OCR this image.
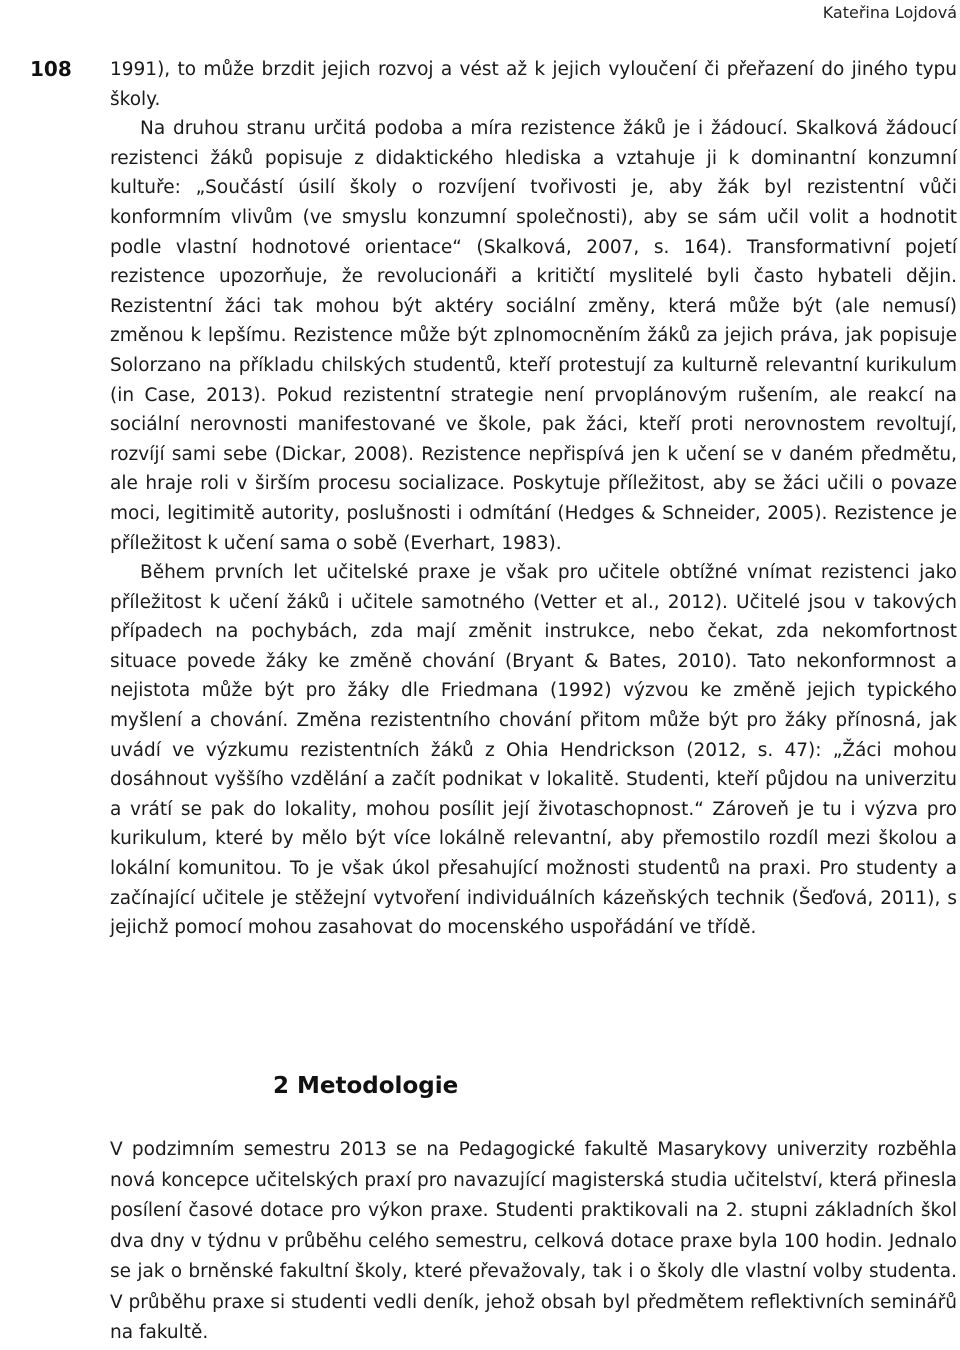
Kateřina Lojdová
108 1991), to může brzdit jejich rozvoj a vést až k jejich vyloučení či přeřazení do jiného typu školy.

Na druhou stranu určitá podoba a míra rezistence žáků je i žádoucí. Skalková žádoucí rezistenci žáků popisuje z didaktického hlediska a vztahuje ji k dominantní konzumní kultuře: „Součástí úsilí školy o rozvíjení tvořivosti je, aby žák byl rezistentní vůči konformním vlivům (ve smyslu konzumní společnosti), aby se sám učil volit a hodnotit podle vlastní hodnotové orientace“ (Skalková, 2007, s. 164). Transformativní pojetí rezistence upozorňuje, že revolucionáři a kritičtí myslitelé byli často hybateli dějin. Rezistentní žáci tak mohou být aktéry sociální změny, která může být (ale nemusí) změnou k lepšímu. Rezistence může být zplnomocněním žáků za jejich práva, jak popisuje Solorzano na příkladu chilských studentů, kteří protestují za kulturně relevantní kurikulum (in Case, 2013). Pokud rezistentní strategie není prvoplánovým rušením, ale reakcí na sociální nerovnosti manifestované ve škole, pak žáci, kteří proti nerovnostem revoltují, rozvíjí sami sebe (Dickar, 2008). Rezistence nepřispívá jen k učení se v daném předmětu, ale hraje roli v širším procesu socializace. Poskytuje příležitost, aby se žáci učili o povaze moci, legitimitě autority, poslušnosti i odmítání (Hedges & Schneider, 2005). Rezistence je příležitost k učení sama o sobě (Everhart, 1983).

Během prvních let učitelské praxe je však pro učitele obtížné vnímat rezistenci jako příležitost k učení žáků i učitele samotného (Vetter et al., 2012). Učitelé jsou v takových případech na pochybách, zda mají změnit instrukce, nebo čekat, zda nekomfortnost situace povede žáky ke změně chování (Bryant & Bates, 2010). Tato nekonformnost a nejistota může být pro žáky dle Friedmana (1992) výzvou ke změně jejich typického myšlení a chování. Změna rezistentního chování přitom může být pro žáky přínosná, jak uvádí ve výzkumu rezistentních žáků z Ohia Hendrickson (2012, s. 47): „Žáci mohou dosáhnout vyššího vzdělání a začít podnikat v lokalitě. Studenti, kteří půjdou na univerzitu a vrátí se pak do lokality, mohou posílit její životaschopnost.“ Zároveň je tu i výzva pro kurikulum, které by mělo být více lokálně relevantní, aby přemostilo rozdíl mezi školou a lokální komunitou. To je však úkol přesahující možnosti studentů na praxi. Pro studenty a začínající učitele je stěžejní vytvoření individuálních kázeňských technik (Šeďová, 2011), s jejichž pomocí mohou zasahovat do mocenského uspořádání ve třídě.

2 Metodologie

V podzimním semestru 2013 se na Pedagogické fakultě Masarykovy univerzity rozběhla nová koncepce učitelských praxí pro navazující magisterská studia učitelství, která přinesla posílení časové dotace pro výkon praxe. Studenti praktikovali na 2. stupni základních škol dva dny v týdnu v průběhu celého semestru, celková dotace praxe byla 100 hodin. Jednalo se jak o brněnské fakultní školy, které převažovaly, tak i o školy dle vlastní volby studenta. V průběhu praxe si studenti vedli deník, jehož obsah byl předmětem reflektivních seminářů na fakultě.
